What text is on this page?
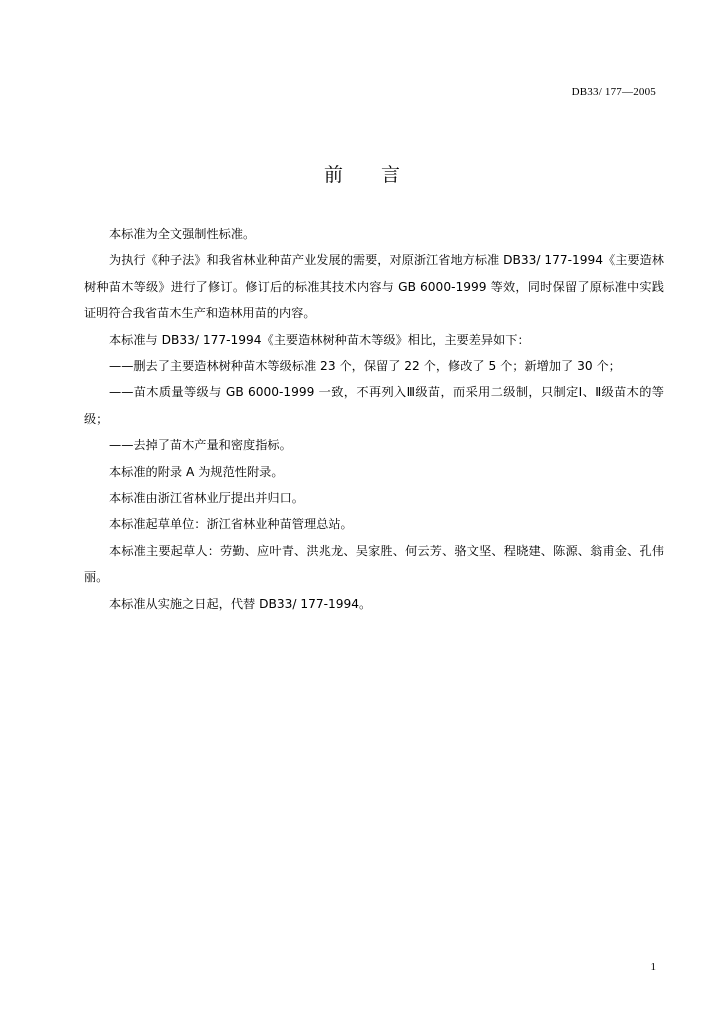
DB33/ 177—2005
前 言

本标准为全文强制性标准。

为执行《种子法》和我省林业种苗产业发展的需要，对原浙江省地方标准 DB33/ 177-1994《主要造林树种苗木等级》进行了修订。修订后的标准其技术内容与 GB 6000-1999 等效，同时保留了原标准中实践证明符合我省苗木生产和造林用苗的内容。

本标准与 DB33/ 177-1994《主要造林树种苗木等级》相比，主要差异如下：

——删去了主要造林树种苗木等级标准 23 个，保留了 22 个，修改了 5 个；新增加了 30 个；

——苗木质量等级与 GB 6000-1999 一致，不再列入Ⅲ级苗，而采用二级制，只制定Ⅰ、Ⅱ级苗木的等级；

——去掉了苗木产量和密度指标。

本标准的附录 A 为规范性附录。

本标准由浙江省林业厅提出并归口。

本标准起草单位：浙江省林业种苗管理总站。

本标准主要起草人：劳勤、应叶青、洪兆龙、吴家胜、何云芳、骆文坚、程晓建、陈源、翁甫金、孔伟丽。

本标准从实施之日起，代替 DB33/ 177-1994。

1
